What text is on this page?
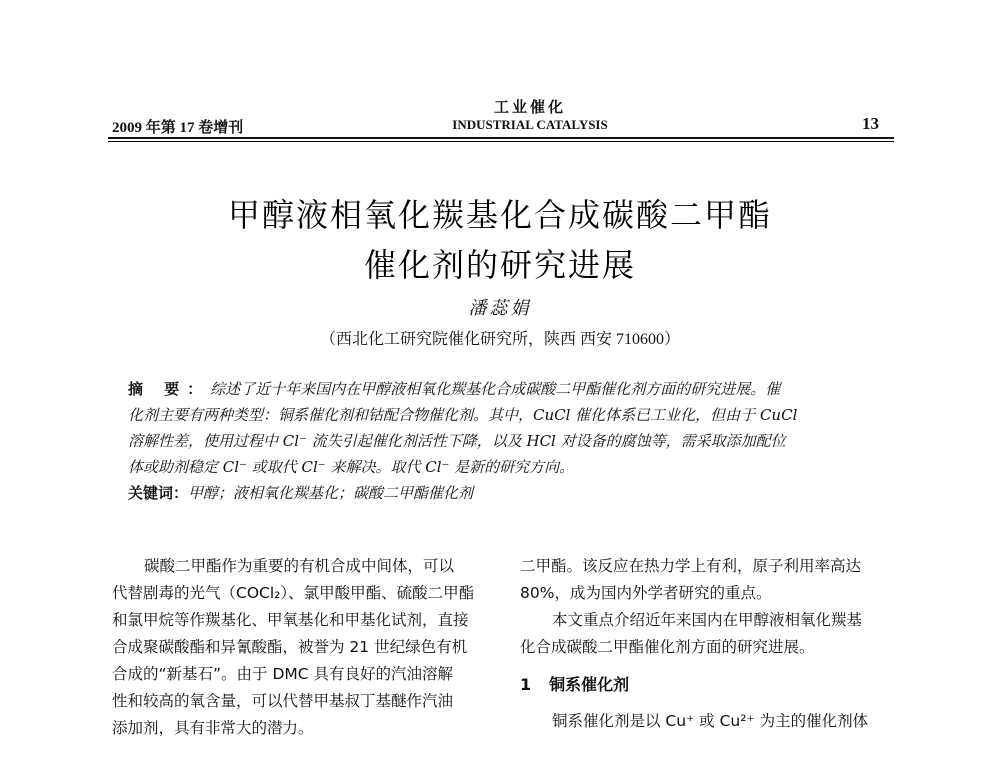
2009 年第 17 卷增刊
工业催化
INDUSTRIAL CATALYSIS	13
甲醇液相氧化羰基化合成碳酸二甲酯
催化剂的研究进展
潘蕊娟
（西北化工研究院催化研究所，陕西 西安 710600）
摘 要：综述了近十年来国内在甲醇液相氧化羰基化合成碳酸二甲酯催化剂方面的研究进展。催
化剂主要有两种类型：铜系催化剂和钴配合物催化剂。其中，CuCl 催化体系已工业化，但由于 CuCl
溶解性差，使用过程中 Cl⁻ 流失引起催化剂活性下降，以及 HCl 对设备的腐蚀等，需采取添加配位
体或助剂稳定 Cl⁻ 或取代 Cl⁻ 来解决。取代 Cl⁻ 是新的研究方向。
关键词：甲醇；液相氧化羰基化；碳酸二甲酯催化剂
碳酸二甲酯作为重要的有机合成中间体，可以
代替剧毒的光气（COCl₂）、氯甲酸甲酯、硫酸二甲酯
和氯甲烷等作羰基化、甲氧基化和甲基化试剂，直接
合成聚碳酸酯和异氰酸酯，被誉为 21 世纪绿色有机
合成的“新基石”。由于 DMC 具有良好的汽油溶解
性和较高的氧含量，可以代替甲基叔丁基醚作汽油
添加剂，具有非常大的潜力。
二甲酯。该反应在热力学上有利，原子利用率高达
80%，成为国内外学者研究的重点。
本文重点介绍近年来国内在甲醇液相氧化羰基
化合成碳酸二甲酯催化剂方面的研究进展。
1 铜系催化剂
铜系催化剂是以 Cu⁺ 或 Cu²⁺ 为主的催化剂体
